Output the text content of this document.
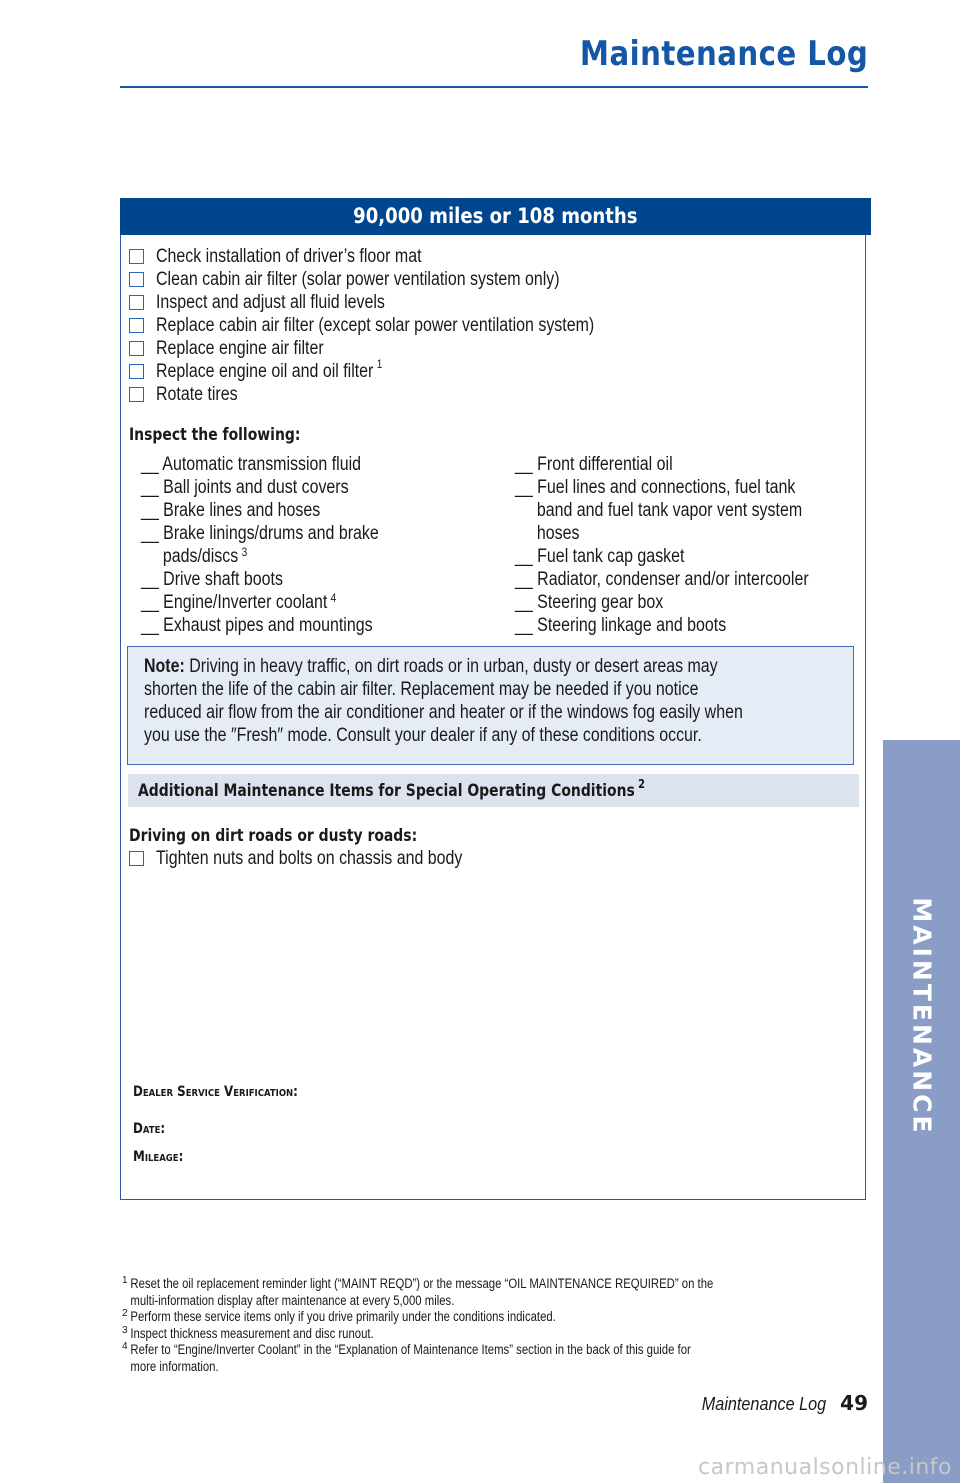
Maintenance Log
90,000 miles or 108 months
Check installation of driver’s floor mat
Clean cabin air filter (solar power ventilation system only)
Inspect and adjust all fluid levels
Replace cabin air filter (except solar power ventilation system)
Replace engine air filter
Replace engine oil and oil filter $^1$
Rotate tires
Inspect the following:
__ Automatic transmission fluid
__ Ball joints and dust covers
__ Brake lines and hoses
__ Brake linings/drums and brake
pads/discs $^3$
__ Drive shaft boots
__ Engine/Inverter coolant $^4$
__ Exhaust pipes and mountings
__ Front differential oil
__ Fuel lines and connections, fuel tank
band and fuel tank vapor vent system
hoses
__ Fuel tank cap gasket
__ Radiator, condenser and/or intercooler
__ Steering gear box
__ Steering linkage and boots
Note: Driving in heavy traffic, on dirt roads or in urban, dusty or desert areas may
shorten the life of the cabin air filter. Replacement may be needed if you notice
reduced air flow from the air conditioner and heater or if the windows fog easily when
you use the ″Fresh″ mode. Consult your dealer if any of these conditions occur.
Additional Maintenance Items for Special Operating Conditions $^2$
Driving on dirt roads or dusty roads:
Tighten nuts and bolts on chassis and body
Dealer Service Verification:
Date:
Mileage:
1 Reset the oil replacement reminder light (“MAINT REQD”) or the message “OIL MAINTENANCE REQUIRED” on the
multi-information display after maintenance at every 5,000 miles.
2 Perform these service items only if you drive primarily under the conditions indicated.
3 Inspect thickness measurement and disc runout.
4 Refer to “Engine/Inverter Coolant” in the “Explanation of Maintenance Items” section in the back of this guide for
more information.
MAINTENANCE
Maintenance Log 49
carmanualsonline.info
